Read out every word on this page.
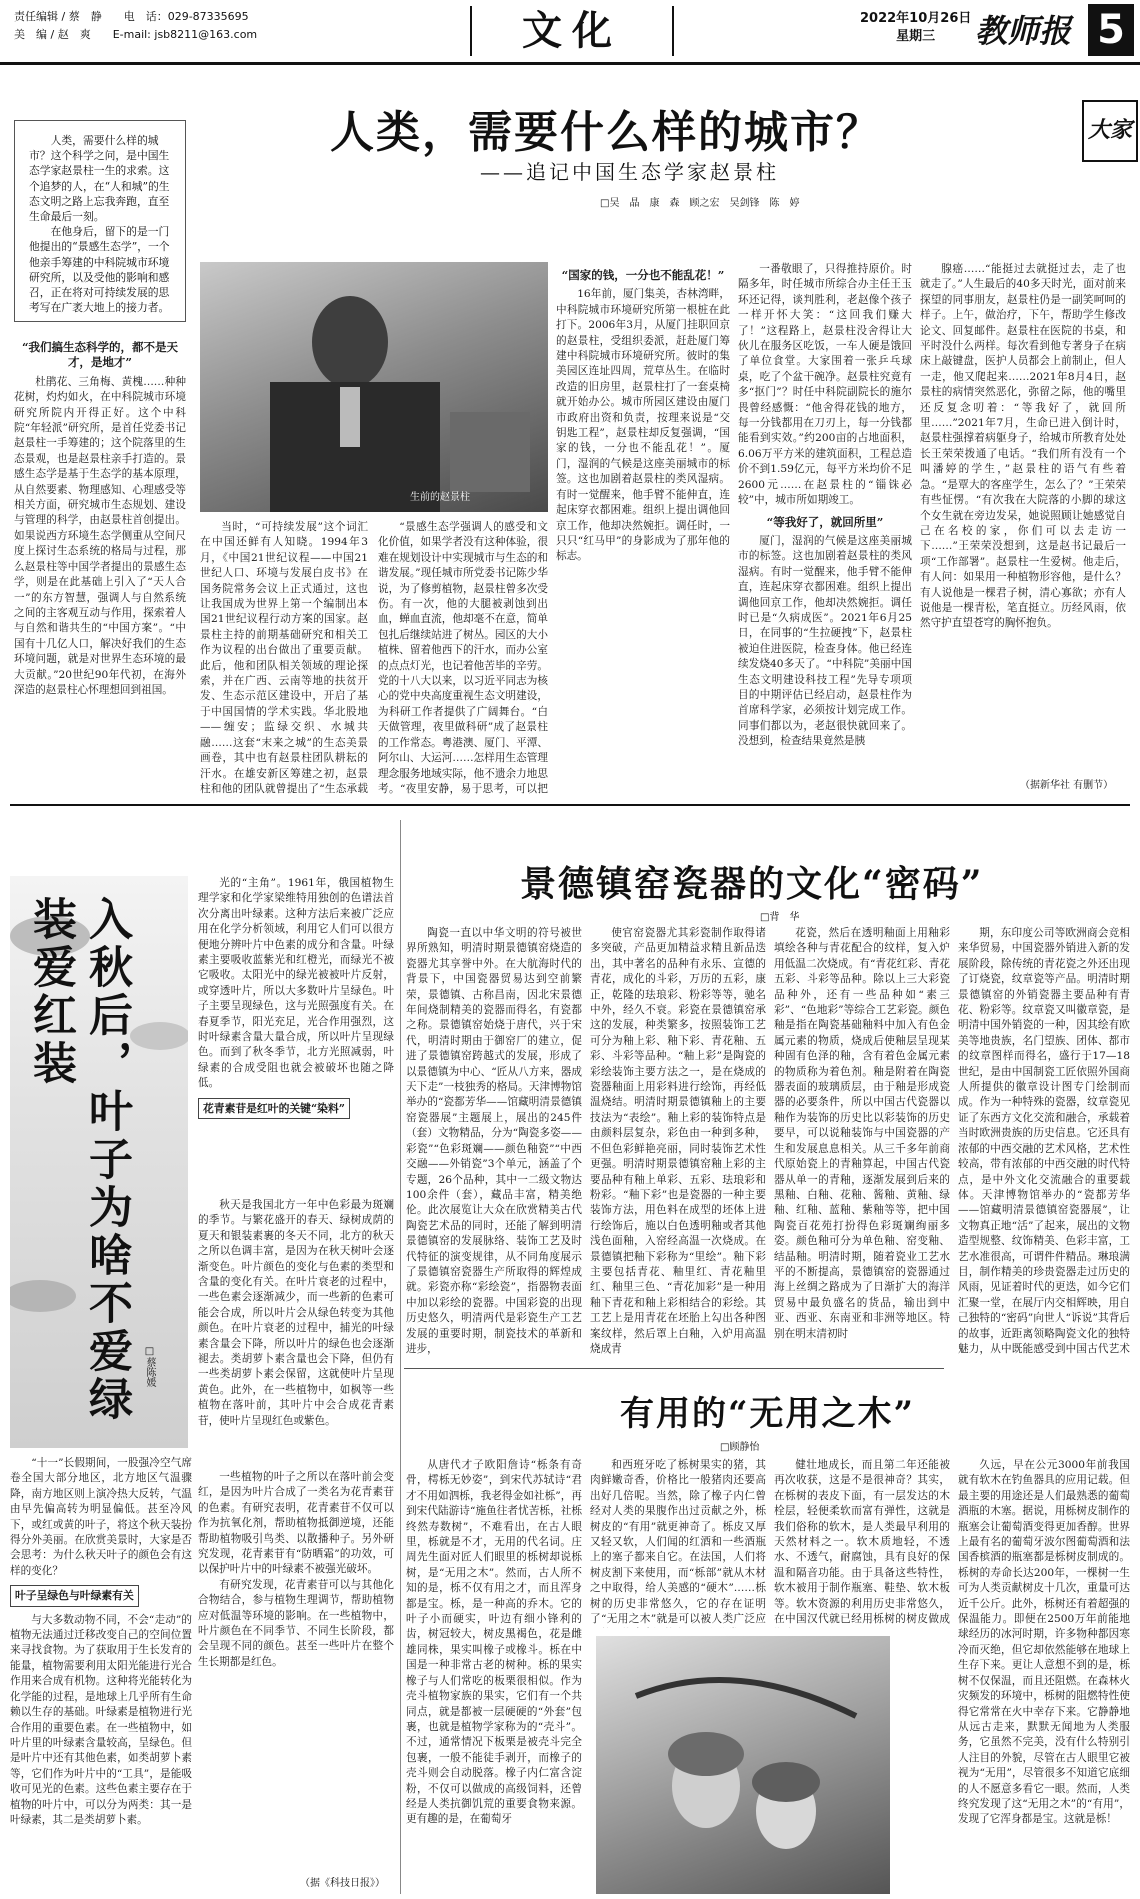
责任编辑 / 蔡　静　　电　话：029-87335695
美　编 / 赵　爽　　E-mail: jsb8211@163.com	文化	2022年10月26日
星期三	教师报 5
人类，需要什么样的城市？
——追记中国生态学家赵景柱
大家
□吴　晶　康　森　顾之宏　吴剑锋　陈　婷

人类，需要什么样的城市？这个科学之问，是中国生态学家赵景柱一生的求索。这个追梦的人，在“人和城”的生态文明之路上忘我奔跑，直至生命最后一刻。

在他身后，留下的是一门他提出的“景感生态学”，一个他亲手筹建的中科院城市环境研究所，以及受他的影响和感召，正在将对可持续发展的思考写在广袤大地上的接力者。

生前的赵景柱
“我们搞生态科学的，都不是天才，是地才”

杜鹃花、三角梅、黄槐……种种花树，灼灼如火，在中科院城市环境研究所院内开得正好。这个中科院“年轻派”研究所，是首任党委书记赵景柱一手筹建的；这个院落里的生态景观，也是赵景柱亲手打造的。景感生态学是基于生态学的基本原理，从自然要素、物理感知、心理感受等相关方面，研究城市生态规划、建设与管理的科学，由赵景柱首创提出。如果说西方环境生态学侧重从空间尺度上探讨生态系统的格局与过程，那么赵景柱等中国学者提出的景感生态学，则是在此基础上引入了“天人合一”的东方智慧，强调人与自然系统之间的主客观互动与作用，探索着人与自然和谐共生的“中国方案”。“中国有十几亿人口，解决好我们的生态环境问题，就是对世界生态环境的最大贡献。”20世纪90年代初，在海外深造的赵景柱心怀理想回到祖国。

当时，“可持续发展”这个词汇在中国还鲜有人知晓。1994年3月，《中国21世纪议程——中国21世纪人口、环境与发展白皮书》在国务院常务会议上正式通过，这也让我国成为世界上第一个编制出本国21世纪议程行动方案的国家。赵景柱主持的前期基础研究和相关工作为议程的出台做出了重要贡献。此后，他和团队相关领域的理论探索，并在广西、云南等地的扶贫开发、生态示范区建设中，开启了基于中国国情的学术实践。华北股地——缠安；监绿交织、水城共融……这套“末来之城”的生态美景画卷，其中也有赵景柱团队耕耘的汗水。在雄安新区筹建之初，赵景柱和他的团队就曾提出了“生态承载

“景感生态学强调人的感受和文化价值，如果学者没有这种体验，很难在规划设计中实现城市与生态的和谐发展。”现任城市所党委书记陈少华说，为了修剪植物，赵景柱曾多次受伤。有一次，他的大腿被剥蚀到出血，蝉血直流，他却毫不在意，简单包扎后继续站进了树丛。园区的大小植株、留着他西下的汗水，而办公室的点点灯光，也记着他苦毕的辛劳。党的十八大以来，以习近平同志为核心的党中央高度重视生态文明建设，为科研工作者提供了广阔舞台。“白天做管理，夜里做科研”成了赵景柱的工作常态。粤港澳、厦门、平潭、阿尔山、大运河……怎样用生态管理理念服务地域实际，他不遗余力地思考。“夜里安静，易于思考，可以把

“国家的钱，一分也不能乱花！”

16年前，厦门集美，杏林湾畔，中科院城市环境研究所第一根桩在此打下。2006年3月，从厦门挂职回京的赵景柱，受组织委派，赶赴厦门筹建中科院城市环境研究所。彼时的集美园区连址四周，荒草丛生。在临时改造的旧房里，赵景柱打了一套桌椅就开始办公。城市所园区建设由厦门市政府出资和负责，按理来说是“交钥匙工程”，赵景柱却反复强调，“国家的钱，一分也不能乱花！”。厦门，湿润的气候是这座美丽城市的标签。这也加剧着赵景柱的类风湿病。有时一觉醒来，他手臂不能伸直，连起床穿衣都困难。组织上提出调他回京工作，他却决然婉拒。调任时，一只只“红马甲”的身影成为了那年他的标志。

一番敬眼了，只得推持原价。时隔多年，时任城市所综合办主任王玉环还记得，谈判胜利，老赵像个孩子一样开怀大笑：“这回我们赚大了！”这程路上，赵景柱没舍得让大伙儿在服务区吃饭，一车人硬是饿回了单位食堂。大家围着一张乒乓球桌，吃了个盆干碗净。赵景柱究竟有多“抠门”？时任中科院副院长的施尔畏曾经感慨：“他舍得花钱的地方，每一分钱都用在刀刃上，每一分钱都能看到实效。”约200亩的占地面积，6.06万平方米的建筑面积，工程总造价不到1.59亿元，每平方米均价不足2600元……在赵景柱的“锱铢必较”中，城市所如期竣工。

“等我好了，就回所里”

厦门，湿润的气候是这座美丽城市的标签。这也加剧着赵景柱的类风湿病。有时一觉醒来，他手臂不能伸直，连起床穿衣都困难。组织上提出调他回京工作，他却决然婉拒。调任时已是“久病成医”。2021年6月25日，在同事的“生拉硬拽”下，赵景柱被迫住进医院，检查身体。他已经连续发烧40多天了。“中科院”美丽中国生态文明建设科技工程”先导专项项目的中期评估已经启动，赵景柱作为首席科学家，必须按计划完成工作。同事们都以为，老赵很快就回来了。没想到，检查结果竟然是胰

腺癌……“能挺过去就挺过去，走了也就走了。”人生最后的40多天时光，面对前来探望的同事朋友，赵景柱仍是一副笑呵呵的样子。上午，做治疗，下午，帮助学生修改论文、回复邮件。赵景柱在医院的书桌，和平时没什么两样。每次看到他专著身子在病床上敲键盘，医护人员都会上前制止，但人一走，他又爬起来……2021年8月4日，赵景柱的病情突然恶化，弥留之际，他的嘴里还反复念叨着：“等我好了，就回所里……”2021年7月，生命已进入倒计时，赵景柱强撑着病躯身子，给城市所教育处处长王荣荣拨通了电话。“我们所有没有一个叫潘婷的学生，”赵景柱的语气有些着急。“是覃大的客座学生，怎么了？”王荣荣有些怔愣。“有次我在大院落的小脚的球这个女生就在旁边发呆，她说照顾让她感觉自己在名校的家，你们可以去走访一下……”王荣荣没想到，这是赵书记最后一项“工作部署”。赵景柱一生爱树。他走后，有人问：如果用一种植物形容他，是什么？有人说他是一棵君子树，清心寡欲；亦有人说他是一棵青松，笔直挺立。历经风雨，依然守护直望苍穹的胸怀抱负。

（据新华社 有删节）
景德镇窑瓷器的文化“密码”
□背　华

陶瓷一直以中华文明的符号被世界所熟知，明清时期景德镇窑烧造的瓷器尤其享誉中外。在大航海时代的背景下，中国瓷器贸易达到空前繁荣，景德镇、古称昌南，因北宋景德年间烧制精美的瓷器而得名，有瓷都之称。景德镇窑始烧于唐代，兴于宋代，明清时期由于御窑厂的建立，促进了景德镇窑跨越式的发展，形成了以景德镇为中心、“匠从八方来，器成天下走”一枝独秀的格局。天津博物馆举办的“瓷都芳华——馆藏明清景德镇窑瓷器展”主题展上，展出的245件（套）文物精品，分为“陶瓷多姿——彩瓷”“色彩斑斓——颜色釉瓷”“中西交融——外销瓷”3个单元，涵盖了个专题，26个品种，其中一二级文物达100余件（套），藏品丰富，精美绝伦。此次展览让大众在欣赏精美古代陶瓷艺术品的同时，还能了解到明清景德镇窑的发展脉络、装饰工艺及时代特征的演变规律，从不同角度展示了景德镇窑瓷器生产所取得的辉煌成就。彩瓷亦称“彩绘瓷”，指器物表面中加以彩绘的瓷器。中国彩瓷的出现历史悠久，明清两代是彩瓷生产工艺发展的重要时期，制瓷技术的革新和进步，

使官窑瓷器尤其彩瓷制作取得诸多突破，产品更加精益求精且新品迭出，其中著名的品种有永乐、宣德的青花，成化的斗彩，万历的五彩，康正，乾隆的珐琅彩、粉彩等等，驰名中外，经久不衰。彩瓷在景德镇窑承这的发展，种类繁多，按照装饰工艺可分为釉上彩、釉下彩、青花釉、五彩、斗彩等品种。“釉上彩”是陶瓷的彩绘装饰主要方法之一，是在烧成的瓷器釉面上用彩料进行绘饰，再经低温烧结。明清时期景德镇釉上的主要技法为“表绘”。釉上彩的装饰特点是由颜料层复杂，彩色由一种到多种，不但色彩鲜艳亮丽，同时装饰艺术性更强。明清时期景德镇窑釉上彩的主要品种有釉上单彩、五彩、珐琅彩和粉彩。“釉下彩”也是瓷器的一种主要装饰方法，用色料在成型的坯体上进行绘饰后，施以白色透明釉或者其他浅色面釉，入窑经高温一次烧成。在景德镇把釉下彩称为“里绘”。釉下彩主要包括青花、釉里红、青花釉里红、釉里三色、“青花加彩”是一种用釉下青花和釉上彩相结合的彩绘。其工艺上是用青花在坯胎上勾出各种图案纹样，然后罩上白釉，入炉用高温烧成青

花瓷，然后在透明釉面上用釉彩填绘各种与青花配合的纹样，复入炉用低温二次烧成。有“青花红彩、青花五彩、斗彩等品种。除以上三大彩瓷品种外，还有一些品种如“素三彩”、“色地彩”等综合工艺彩瓷。颜色釉是指在陶瓷基础釉料中加入有色金属元素的物质，烧成后使釉层呈现某种固有色泽的釉，含有着色金属元素的物质称为着色剂。釉是附着在陶瓷器表面的玻璃质层，由于釉是形成瓷器的必要条件，所以中国古代瓷器以釉作为装饰的历史比以彩装饰的历史要早，可以说釉装饰与中国瓷器的产生和发展息息相关。从三千多年前商代原始瓷上的青釉算起，中国古代瓷器从单一的青釉，逐渐发展到后来的黑釉、白釉、花釉、酱釉、黄釉、绿釉、红釉、蓝釉、紫釉等等，把中国陶瓷百花苑打扮得色彩斑斓绚丽多姿。颜色釉可分为单色釉、窑变釉、结晶釉。明清时期，随着瓷业工艺水平的不断提高，景德镇窑的瓷器通过海上丝绸之路成为了日渐扩大的海洋贸易中最负盛名的货品，输出到中亚、西亚、东南亚和非洲等地区。特别在明末清初时

期，东印度公司等欧洲商会竞相来华贸易，中国瓷器外销进入新的发展阶段，除传统的青花瓷之外还出现了订烧瓷，纹章瓷等产品。明清时期景德镇窑的外销瓷器主要品种有青花、粉彩等。纹章瓷又叫徽章瓷，是明清中国外销瓷的一种，因其绘有欧美等地贵族，名门望族、团体、都市的纹章图样而得名，盛行于17—18世纪，是由中国制瓷工匠依照外国商人所提供的徽章设计图专门绘制而成。作为一种特殊的瓷器，纹章瓷见证了东西方文化交流和融合，承载着当时欧洲贵族的历史信息。它还具有浓郁的中西交融的艺术风格，艺术性较高，带有浓郁的中西交融的时代特点，是中外文化交流融合的重要载体。天津博物馆举办的“瓷都芳华——馆藏明清景德镇窑瓷器展”，让文物真正地“活”了起来，展出的文物造型规整、纹饰精美、色彩丰富，工艺水准很高，可谓件件精品。琳琅满目，制作精美的珍贵瓷器走过历史的风雨，见证着时代的更迭，如今它们汇聚一堂，在展厅内交相辉映，用自己独特的“密码”向世人“诉说”其背后的故事，近距离领略陶瓷文化的独特魅力，从中既能感受到中国古代艺术

有用的“无用之木”
□顾静怡

从唐代才子欧阳詹诗“栎条有奇骨，樗栎无妙姿”，到宋代苏轼诗“君才不用如泗栎，我老得金如社栎”，再到宋代陆游诗“施鱼往者忧苦栎，社栎终然寿数树”，不难看出，在古人眼里，栎就是不才，无用的代名词。庄周先生面对匠人们眼里的栎树却说栎树，是“无用之木”。然而，古人所不知的是，栎不仅有用之才，而且浑身都是宝。栎，是一种高的乔木。它的叶子小而硬实，叶边有细小锋利的齿，树冠较大，树皮黑褐色，花是雌雄同株，果实叫橡子或橡斗。栎在中国是一种非常古老的树种。栎的果实橡子与人们常吃的板栗很相似。作为壳斗植物家族的果实，它们有一个共同点，就是都被一层硬硬的“外套”包裹，也就是植物学家称为的“壳斗”。不过，通常情况下板栗是被壳斗完全包裹，一般不能徒手剥开，而橡子的壳斗则会自动脱落。橡子内仁富含淀粉，不仅可以做成的高级饲料，还曾经是人类抗御饥荒的重要食物来源。更有趣的是，在葡萄牙

和西班牙吃了栎树果实的猪，其肉鲜嫩奇香，价格比一般猪肉还要高出好几倍呢。当然，除了橡子内仁曾经对人类的果腹作出过贡献之外，栎树皮的“有用”就更神奇了。栎皮又厚又轻又软，人们闻的红酒和一些酒瓶上的塞子都来自它。在法国，人们将树皮割下来使用，而“栎部”就从木材之中取得，给人美感的“硬木”……栎树的历史非常悠久，它的存在证明了“无用之木”就是可以被人类广泛应

健壮地成长，而且第二年还能被再次收获，这是不是很神奇？其实，在栎树的表皮下面，有一层发达的木栓层，轻便柔软而富有弹性，这就是我们俗称的软木，是人类最早利用的天然材料之一。软木质地轻，不透水、不透气，耐腐蚀，具有良好的保温和隔音功能。由于具备这些特性，软木被用于制作瓶塞、鞋垫、软木板等。软木资源的利用历史非常悠久，在中国汉代就已经用栎树的树皮做成

久远，早在公元3000年前我国就有软木在钓鱼器具的应用记载。但最主要的用途还是人们最熟悉的葡萄酒瓶的木塞。据说，用栎树皮制作的瓶塞会让葡萄酒变得更加香醇。世界上最有名的葡萄牙波尔图葡萄酒和法国香槟酒的瓶塞都是栎树皮制成的。栎树的寿命长达200年，一棵树一生可为人类贡献树皮十几次，重量可达近千公斤。此外，栎树还有着超强的保温能力。即便在2500万年前能地球经历的冰河时期，许多物种都因寒冷而灭绝，但它却依然能够在地球上生存下来。更让人意想不到的是，栎树不仅保温，而且还阻燃。在森林火灾频发的环境中，栎树的阻燃特性使得它常常在火中幸存下来。它静静地从远古走来，默默无闻地为人类服务，它虽然不完美，没有什么特别引人注目的外貌，尽管在古人眼里它被视为“无用”，尽管很多不知道它底细的人不愿意多看它一眼。然而，人类终究发现了这“无用之木”的“有用”，发现了它浑身都是宝。这就是栎！

入秋后，叶子为啥不爱绿装爱红装
□蔡陈媛

光的“主角”。1961年，俄国植物生理学家和化学家梁维特用独创的色谱法首次分离出叶绿素。这种方法后来被广泛应用在化学分析领域，利用它人们可以很方便地分辨叶片中色素的成分和含量。叶绿素主要吸收蓝紫光和红橙光，而绿光不被它吸收。太阳光中的绿光被被叶片反射，或穿透叶片，所以大多数叶片呈绿色。叶子主要呈现绿色，这与光照强度有关。在春夏季节，阳光充足，光合作用强烈，这时叶绿素含量大量合成，所以叶片呈现绿色。而到了秋冬季节，北方光照减弱，叶绿素的合成受阻也就会被破坏也随之降低。

花青素苷是红叶的关键“染料”

秋天是我国北方一年中色彩最为斑斓的季节。与繁花盛开的春天、绿树成荫的夏天和银装素裹的冬天不同，北方的秋天之所以色调丰富，是因为在秋天树叶会逐渐变色。叶片颜色的变化与色素的类型和含量的变化有关。在叶片衰老的过程中，一些色素会逐渐减少，而一些新的色素可能会合成，所以叶片会从绿色转变为其他颜色。在叶片衰老的过程中，捕光的叶绿素含量会下降，所以叶片的绿色也会逐渐褪去。类胡萝卜素含量也会下降，但仍有一些类胡萝卜素会保留，这就使叶片呈现黄色。此外，在一些植物中，如枫等一些植物在落叶前，其叶片中会合成花青素苷，使叶片呈现红色或紫色。

“十一”长假期间，一股强冷空气席卷全国大部分地区，北方地区气温骤降，南方地区则上演冷热大反转，气温由早先偏高转为明显偏低。甚至冷风下，或红或黄的叶子，将这个秋天装扮得分外美丽。在欣赏美景时，大家是否会思考：为什么秋天叶子的颜色会有这样的变化？

叶子呈绿色与叶绿素有关

与大多数动物不同，不会“走动”的植物无法通过迁移改变自己的空间位置来寻找食物。为了获取用于生长发育的能量，植物需要利用太阳光能进行光合作用来合成有机物。这种将光能转化为化学能的过程，是地球上几乎所有生命赖以生存的基础。叶绿素是植物进行光合作用的重要色素。在一些植物中，如叶片里的叶绿素含量较高，呈绿色。但是叶片中还有其他色素，如类胡萝卜素等，它们作为叶片中的“工具”，是能吸收可见光的色素。这些色素主要存在于植物的叶片中，可以分为两类：其一是叶绿素，其二是类胡萝卜素。

一些植物的叶子之所以在落叶前会变红，是因为叶片合成了一类名为花青素苷的色素。有研究表明，花青素苷不仅可以作为抗氧化剂，帮助植物抵御逆境，还能帮助植物吸引鸟类、以散播种子。另外研究发现，花青素苷有“防晒霜”的功效，可以保护叶片中的叶绿素不被强光破坏。

有研究发现，花青素苷可以与其他化合物结合，参与植物生理调节，帮助植物应对低温等环境的影响。在一些植物中，叶片颜色在不同季节、不同生长阶段，都会呈现不同的颜色。甚至一些叶片在整个生长期都是红色。

（据《科技日报》）
